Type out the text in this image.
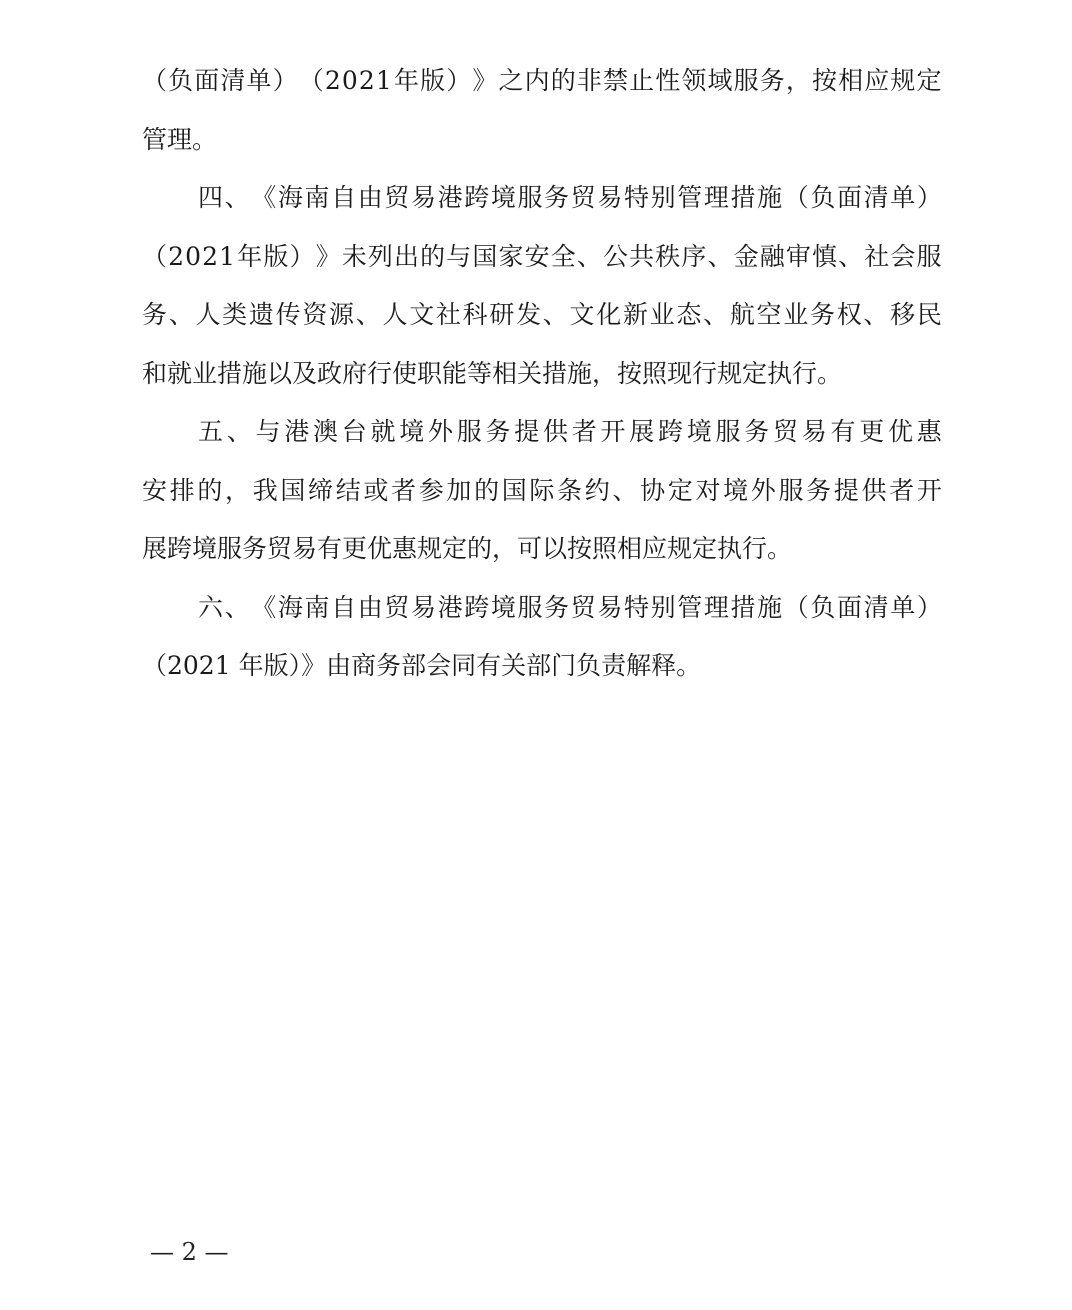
（ 负 面 清 单 ） （ 2 0 2 1 年 版 ） 》 之 内 的 非 禁 止 性 领 域 服 务 ， 按 相 应 规 定
管理。
四 、 《 海 南 自 由 贸 易 港 跨 境 服 务 贸 易 特 别 管 理 措 施 （ 负 面 清 单 ）
（ 2 0 2 1 年 版 ） 》 未 列 出 的 与 国 家 安 全 、 公 共 秩 序 、 金 融 审 慎 、 社 会 服
务 、 人 类 遗 传 资 源 、 人 文 社 科 研 发 、 文 化 新 业 态 、 航 空 业 务 权 、 移 民
和就业措施以及政府行使职能等相关措施，按照现行规定执行。
五 、 与 港 澳 台 就 境 外 服 务 提 供 者 开 展 跨 境 服 务 贸 易 有 更 优 惠
安 排 的 ， 我 国 缔 结 或 者 参 加 的 国 际 条 约 、 协 定 对 境 外 服 务 提 供 者 开
展跨境服务贸易有更优惠规定的，可以按照相应规定执行。
六 、 《 海 南 自 由 贸 易 港 跨 境 服 务 贸 易 特 别 管 理 措 施 （ 负 面 清 单 ）
（2021 年版）》由商务部会同有关部门负责解释。
— 2 —
